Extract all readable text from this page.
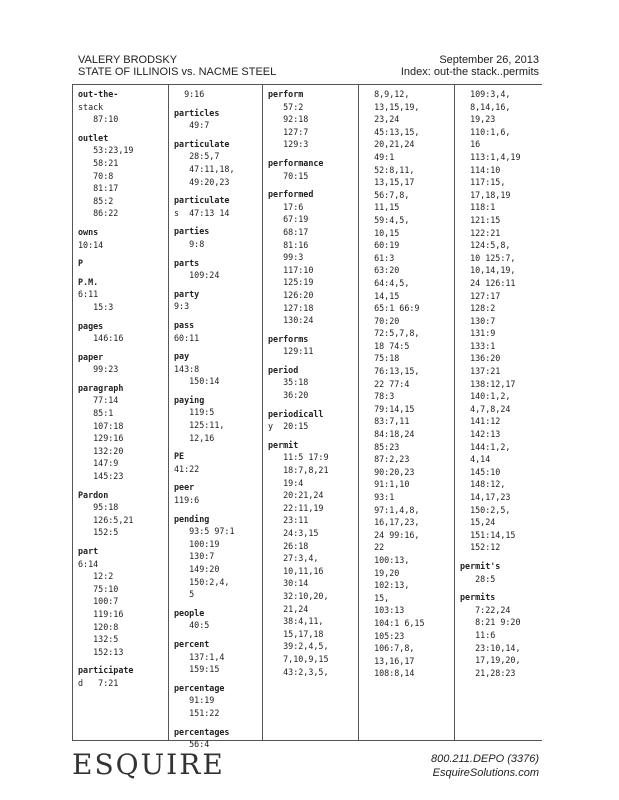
VALERY BRODSKY
STATE OF ILLINOIS vs. NACME STEEL
September 26, 2013
Index: out-the stack..permits
out-the-
stack
87:10
outlet
53:23,19
58:21
70:8
81:17
85:2
86:22
owns
10:14
P
P.M.
6:11
15:3
pages
146:16
paper
99:23
paragraph
77:14
85:1
107:18
129:16
132:20
147:9
145:23
Pardon
95:18
126:5,21
152:5
part
6:14
12:2
75:10
100:7
119:16
120:8
132:5
152:13
participate
d   7:21
9:16
particles
49:7
particulate
28:5,7
47:11,18,
49:20,23
particulate
s  47:13 14
parties
9:8
parts
109:24
party
9:3
pass
60:11
pay
143:8
150:14
paying
119:5
125:11,
12,16
PE
41:22
peer
119:6
pending
93:5 97:1
100:19
130:7
149:20
150:2,4,
5
people
40:5
percent
137:1,4
159:15
percentage
91:19
151:22
percentages
56:4
perform
57:2
92:18
127:7
129:3
performance
70:15
performed
17:6
67:19
68:17
81:16
99:3
117:10
125:19
126:20
127:18
130:24
performs
129:11
period
35:18
36:20
periodicall
y  20:15
permit
11:5 17:9
18:7,8,21
19:4
20:21,24
22:11,19
23:11
24:3,15
26:18
27:3,4,
10,11,16
30:14
32:10,20,
21,24
38:4,11,
15,17,18
39:2,4,5,
7,10,9,15
43:2,3,5,
8,9,12,
13,15,19,
23,24
45:13,15,
20,21,24
49:1
52:8,11,
13,15,17
56:7,8,
11,15
59:4,5,
10,15
60:19
61:3
63:20
64:4,5,
14,15
65:1 66:9
70:20
72:5,7,8,
18 74:5
75:18
76:13,15,
22 77:4
78:3
79:14,15
83:7,11
84:18,24
85:23
87:2,23
90:20,23
91:1,10
93:1
97:1,4,8,
16,17,23,
24 99:16,
22
100:13,
19,20
102:13,
15,
103:13
104:1 6,15
105:23
106:7,8,
13,16,17
108:8,14
109:3,4,
8,14,16,
19,23
110:1,6,
16
113:1,4,19
114:10
117:15,
17,18,19
118:1
121:15
122:21
124:5,8,
10 125:7,
10,14,19,
24 126:11
127:17
128:2
130:7
131:9
133:1
136:20
137:21
138:12,17
140:1,2,
4,7,8,24
141:12
142:13
144:1,2,
4,14
145:10
148:12,
14,17,23
150:2,5,
15,24
151:14,15
152:12
permit's
28:5
permits
7:22,24
8:21 9:20
11:6
23:10,14,
17,19,20,
21,28:23
ESQUIRE	800.211.DEPO (3376)
EsquireSolutions.com
